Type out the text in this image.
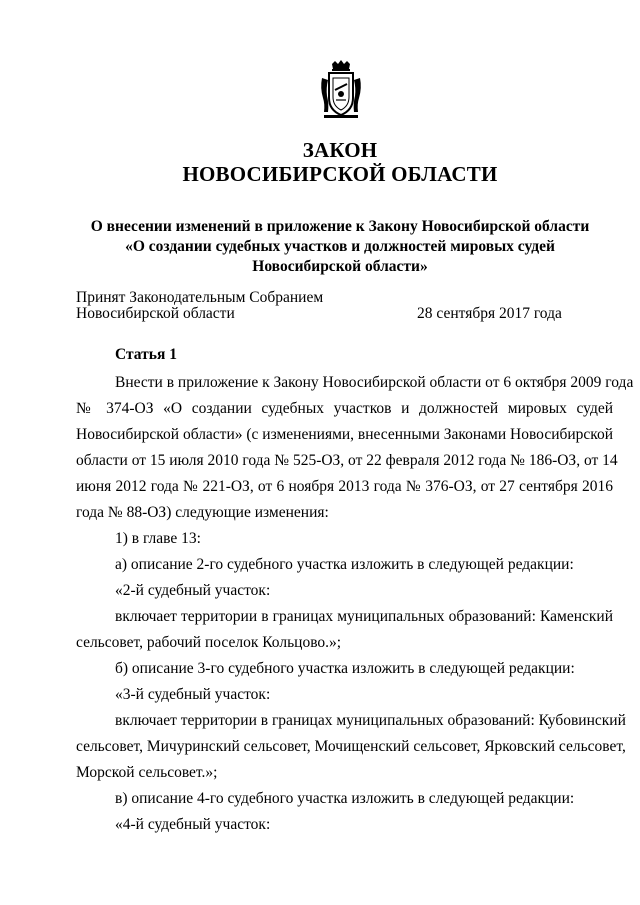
ЗАКОН
НОВОСИБИРСКОЙ ОБЛАСТИ
О внесении изменений в приложение к Закону Новосибирской области
«О создании судебных участков и должностей мировых судей
Новосибирской области»
Принят Законодательным Собранием
Новосибирской области	28 сентября 2017 года
Статья 1
Внести в приложение к Закону Новосибирской области от 6 октября 2009 года
№ 374-ОЗ «О создании судебных участков и должностей мировых судей
Новосибирской области» (с изменениями, внесенными Законами Новосибирской
области от 15 июля 2010 года № 525-ОЗ, от 22 февраля 2012 года № 186-ОЗ, от 14
июня 2012 года № 221-ОЗ, от 6 ноября 2013 года № 376-ОЗ, от 27 сентября 2016
года № 88-ОЗ) следующие изменения:
1) в главе 13:
а) описание 2-го судебного участка изложить в следующей редакции:
«2-й судебный участок:
включает территории в границах муниципальных образований: Каменский
сельсовет, рабочий поселок Кольцово.»;
б) описание 3-го судебного участка изложить в следующей редакции:
«3-й судебный участок:
включает территории в границах муниципальных образований: Кубовинский
сельсовет, Мичуринский сельсовет, Мочищенский сельсовет, Ярковский сельсовет,
Морской сельсовет.»;
в) описание 4-го судебного участка изложить в следующей редакции:
«4-й судебный участок:
